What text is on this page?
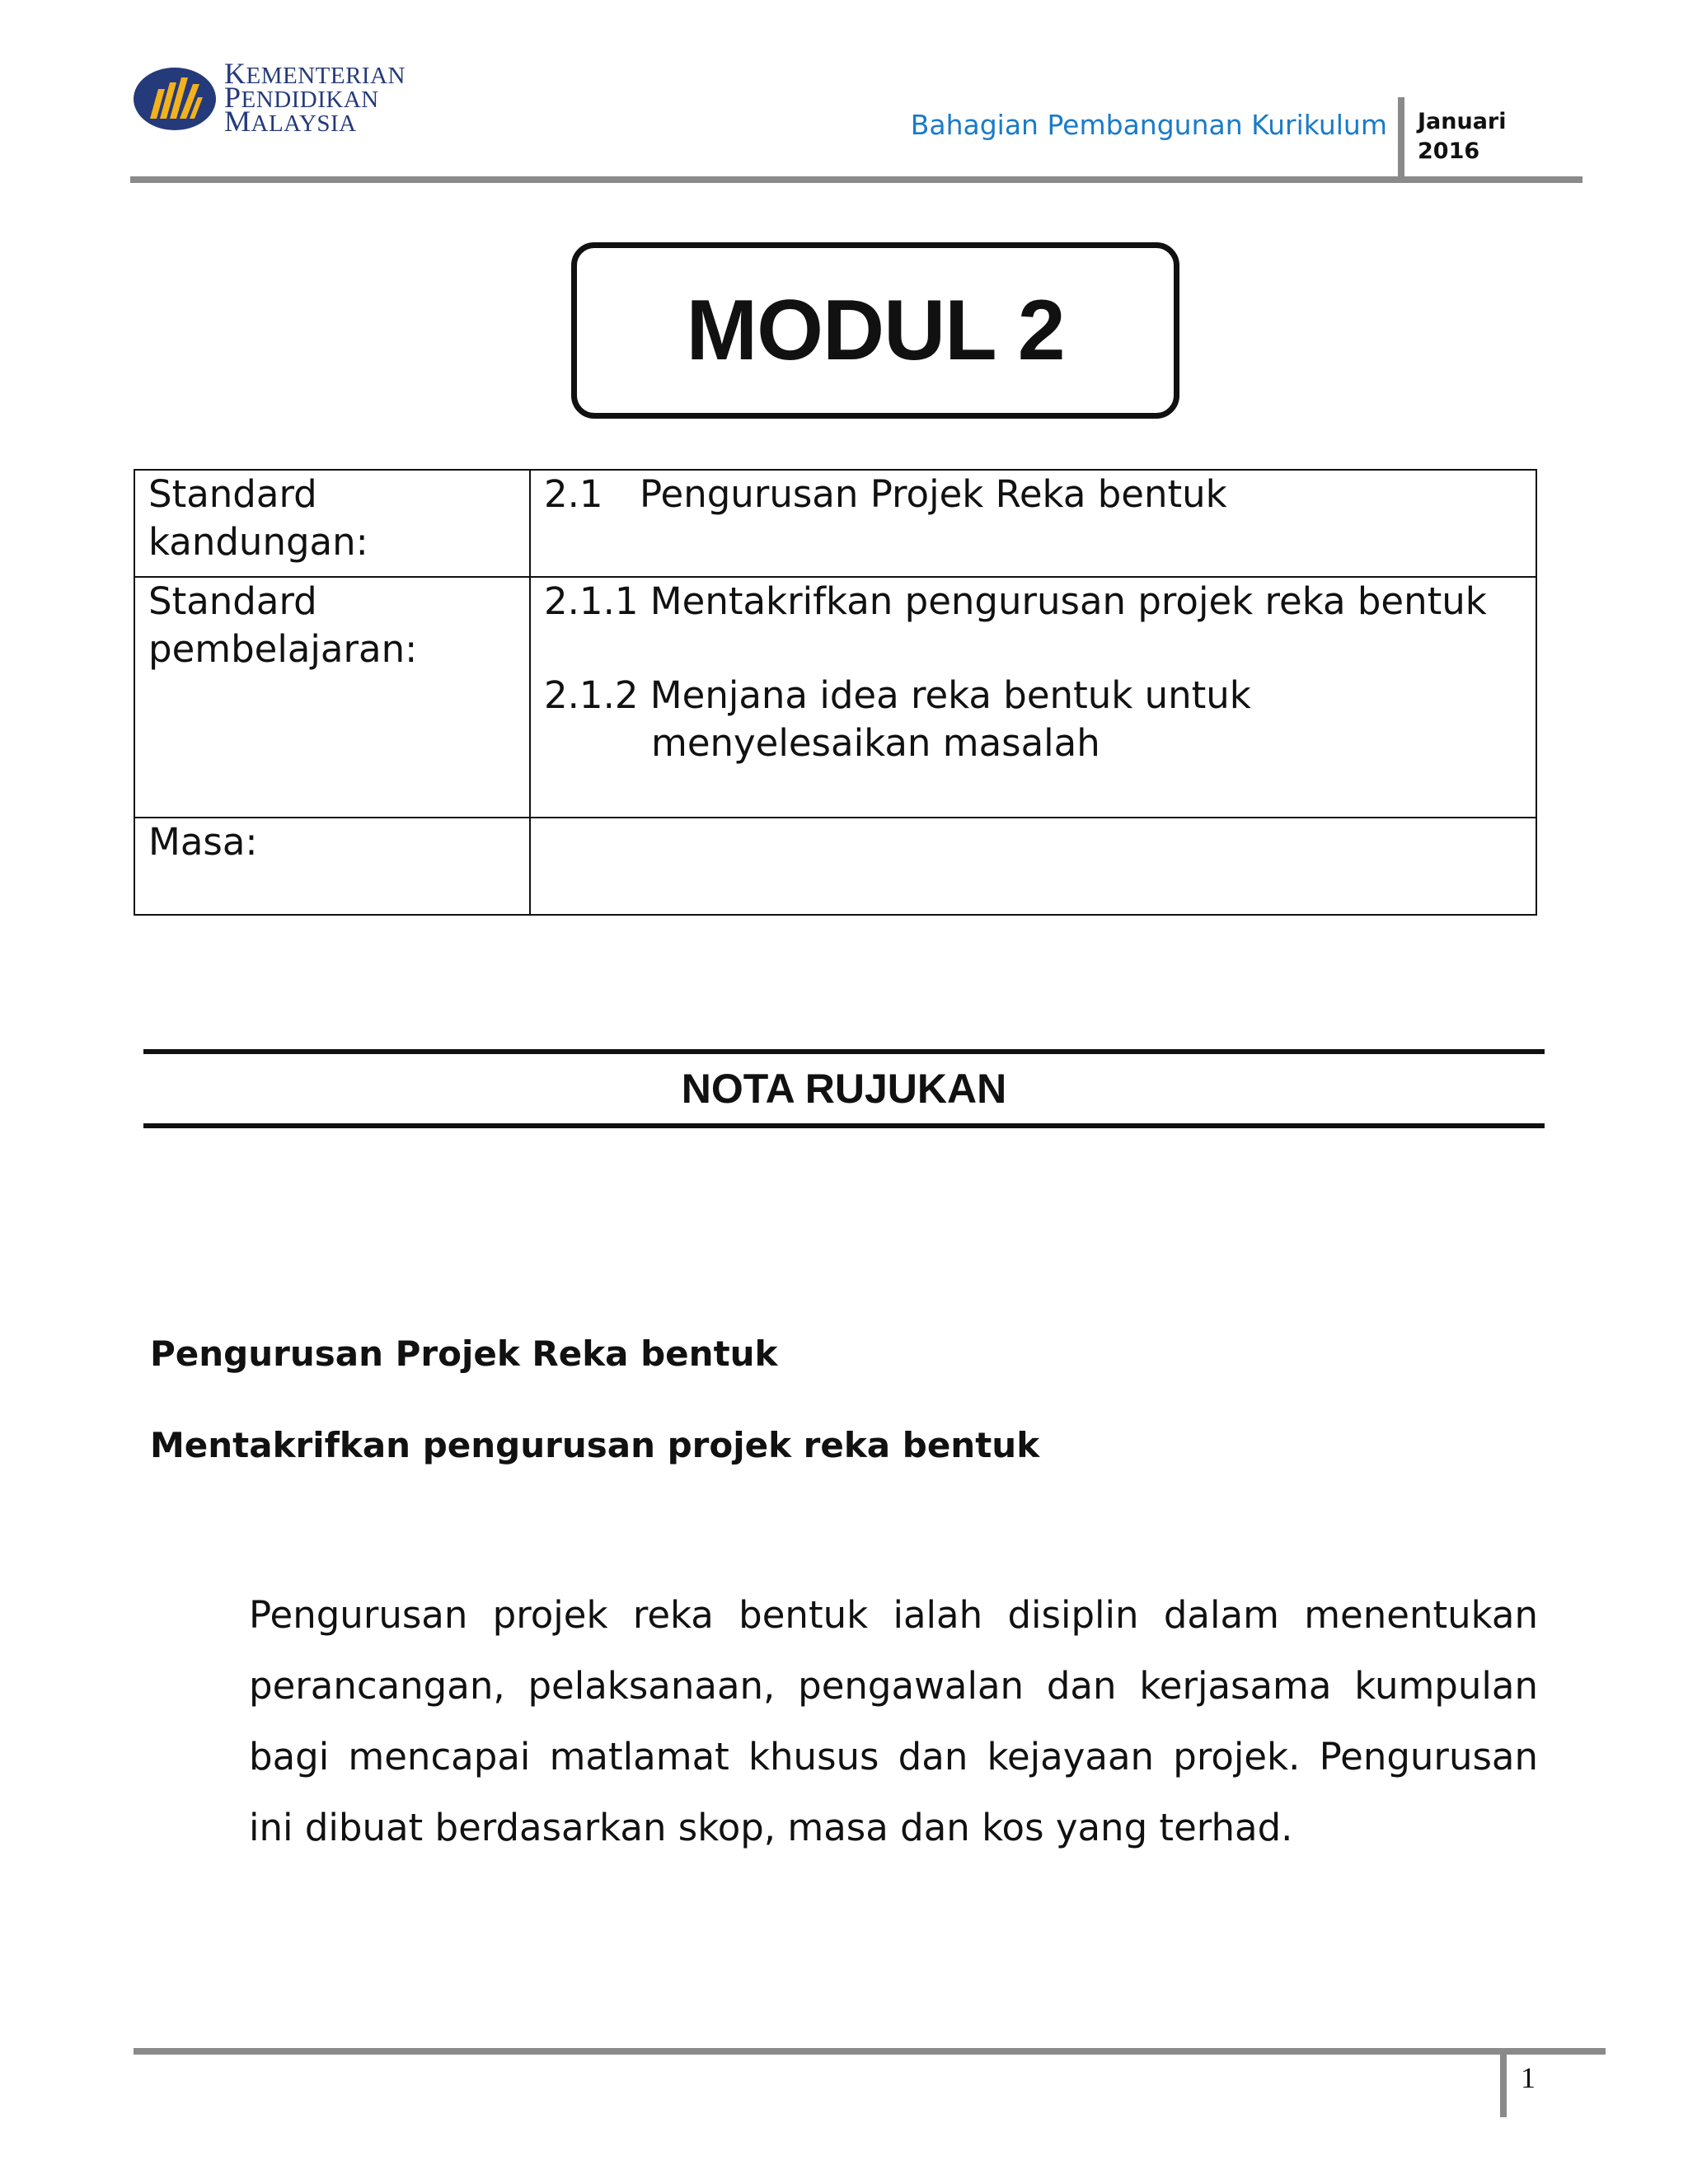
KEMENTERIAN
PENDIDIKAN
MALAYSIA	Bahagian Pembangunan Kurikulum Januari
2016
MODUL 2
Standard kandungan:	2.1 Pengurusan Projek Reka bentuk
Standard pembelajaran:	2.1.1 Mentakrifkan pengurusan projek reka bentuk
2.1.2 Menjana idea reka bentuk untuk
menyelesaikan masalah

Masa:	
NOTA RUJUKAN
Pengurusan Projek Reka bentuk
Mentakrifkan pengurusan projek reka bentuk
Pengurusan projek reka bentuk ialah disiplin dalam menentukan perancangan, pelaksanaan, pengawalan dan kerjasama kumpulan bagi mencapai matlamat khusus dan kejayaan projek. Pengurusan ini dibuat berdasarkan skop, masa dan kos yang terhad.
1
